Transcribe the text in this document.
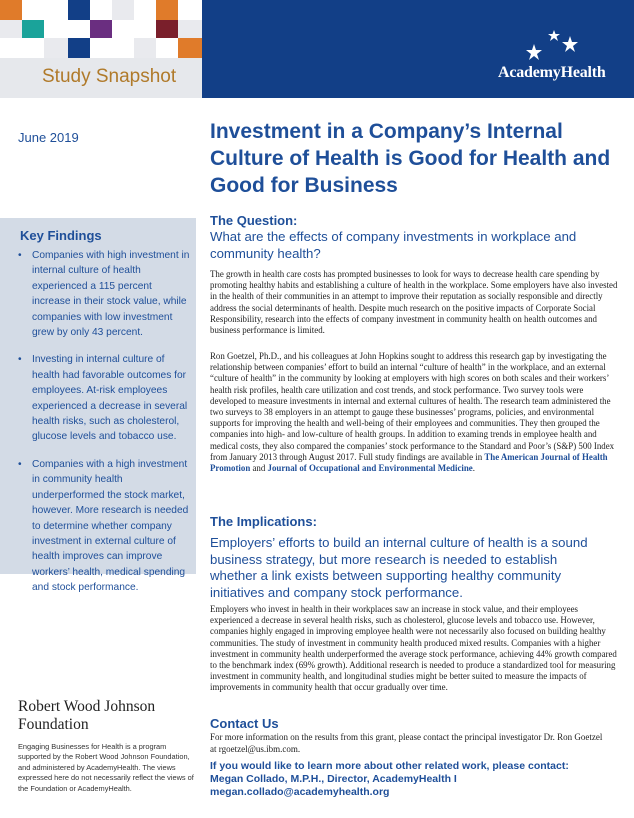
Study Snapshot	AcademyHealth
June 2019	Investment in a Company’s Internal Culture of Health is Good for Health and Good for Business
Key Findings
• Companies with high investment in internal culture of health experienced a 115 percent increase in their stock value, while companies with low investment grew by only 43 percent.
• Investing in internal culture of health had favorable outcomes for employees. At-risk employees experienced a decrease in several health risks, such as cholesterol, glucose levels and tobacco use.
• Companies with a high investment in community health underperformed the stock market, however. More research is needed to determine whether company investment in external culture of health improves can improve workers’ health, medical spending and stock performance.
The Question:
What are the effects of company investments in workplace and community health?
The growth in health care costs has prompted businesses to look for ways to decrease health care spending by promoting healthy habits and establishing a culture of health in the workplace. Some employers have also invested in the health of their communities in an attempt to improve their reputation as socially responsible and directly address the social determinants of health. Despite much research on the positive impacts of Corporate Social Responsibility, research into the effects of company investment in community health on health outcomes and business performance is limited.
Ron Goetzel, Ph.D., and his colleagues at John Hopkins sought to address this research gap by investigating the relationship between companies’ effort to build an internal “culture of health” in the workplace, and an external “culture of health” in the community by looking at employers with high scores on both scales and their workers’ health risk profiles, health care utilization and cost trends, and stock performance. Two survey tools were developed to measure investments in internal and external cultures of health. The research team administered the two surveys to 38 employers in an attempt to gauge these businesses’ programs, policies, and environmental supports for improving the health and well-being of their employees and communities. They then grouped the companies into high- and low-culture of health groups. In addition to examing trends in employee health and medical costs, they also compared the companies’ stock performance to the Standard and Poor’s (S&P) 500 Index from January 2013 through August 2017. Full study findings are available in The American Journal of Health Promotion and Journal of Occupational and Environmental Medicine.
The Implications:
Employers’ efforts to build an internal culture of health is a sound business strategy, but more research is needed to establish whether a link exists between supporting healthy community initiatives and company stock performance.
Employers who invest in health in their workplaces saw an increase in stock value, and their employees experienced a decrease in several health risks, such as cholesterol, glucose levels and tobacco use. However, companies highly engaged in improving employee health were not necessarily also focused on building healthy communities. The study of investment in community health produced mixed results. Companies with a higher investment in community health underperformed the average stock performance, achieving 44% growth compared to the benchmark index (69% growth). Additional research is needed to produce a standardized tool for measuring investment in community health, and longitudinal studies might be better suited to measure the impacts of improvements in community health that occur gradually over time.
Robert Wood Johnson
Foundation
Engaging Businesses for Health is a program supported by the Robert Wood Johnson Foundation, and administered by AcademyHealth. The views expressed here do not necessarily reflect the views of the Foundation or AcademyHealth.
Contact Us
For more information on the results from this grant, please contact the principal investigator Dr. Ron Goetzel at rgoetzel@us.ibm.com.
If you would like to learn more about other related work, please contact:
Megan Collado, M.P.H., Director, AcademyHealth I megan.collado@academyhealth.org
